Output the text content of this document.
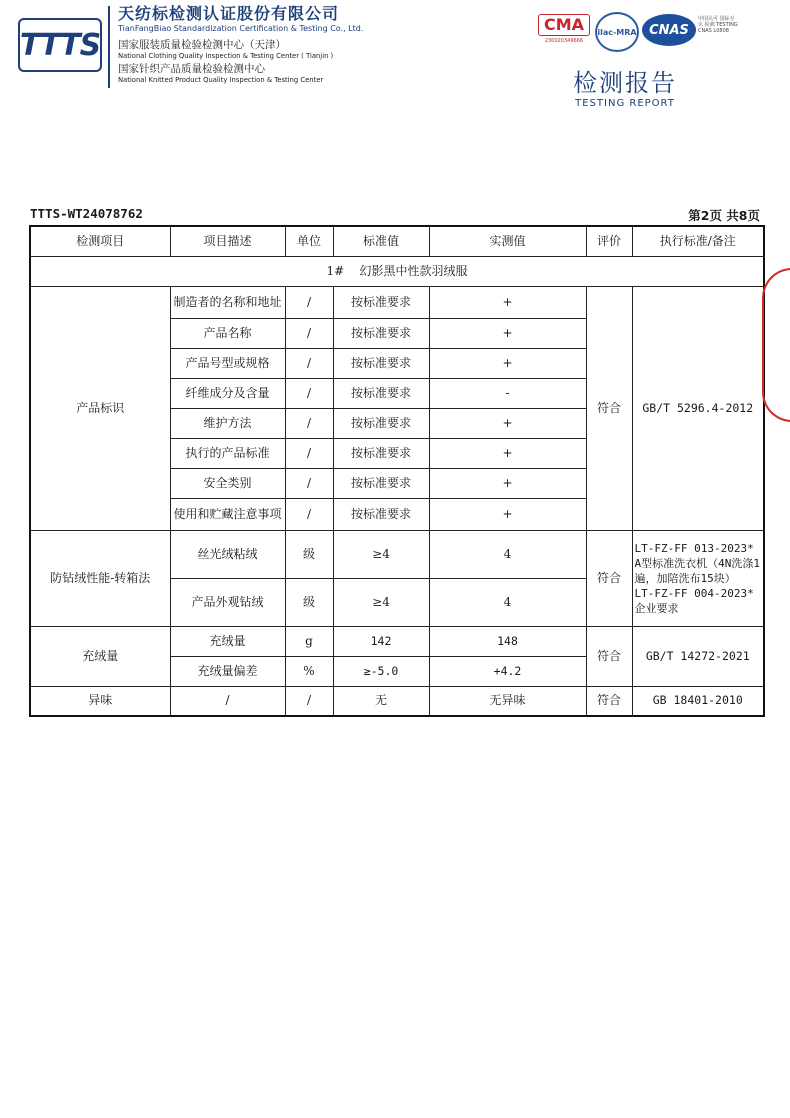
TTTS
天纺标检测认证股份有限公司
TianFangBiao Standardization Certification & Testing Co., Ltd.
国家服装质量检验检测中心（天津）
National Clothing Quality Inspection & Testing Center ( Tianjin )
国家针织产品质量检验检测中心
National Knitted Product Quality Inspection & Testing Center
CMA
230020349666
ilac-MRA CNAS
中国认可 国际互认 检测 TESTING CNAS L0808
检测报告
TESTING REPORT
TTTS-WT24078762	第2页 共8页
检测项目	项目描述	单位	标准值	实测值	评价	执行标准/备注
1#    幻影黑中性款羽绒服						
产品标识	制造者的名称和地址	/	按标准要求	+	符合	GB/T 5296.4-2012
	产品名称	/	按标准要求	+		
	产品号型或规格	/	按标准要求	+		
	纤维成分及含量	/	按标准要求	-		
	维护方法	/	按标准要求	+		
	执行的产品标准	/	按标准要求	+		
	安全类别	/	按标准要求	+		
	使用和贮藏注意事项	/	按标准要求	+		
防钻绒性能-转箱法	丝光绒粘绒	级	≥4	4	符合	LT-FZ-FF 013-2023* A型标准洗衣机（4N洗涤1遍，加陪洗布15块） LT-FZ-FF 004-2023* 企业要求
	产品外观钻绒	级	≥4	4		
充绒量	充绒量	g	142	148	符合	GB/T 14272-2021
	充绒量偏差	%	≥-5.0	+4.2		
异味	/	/	无	无异味	符合	GB 18401-2010
